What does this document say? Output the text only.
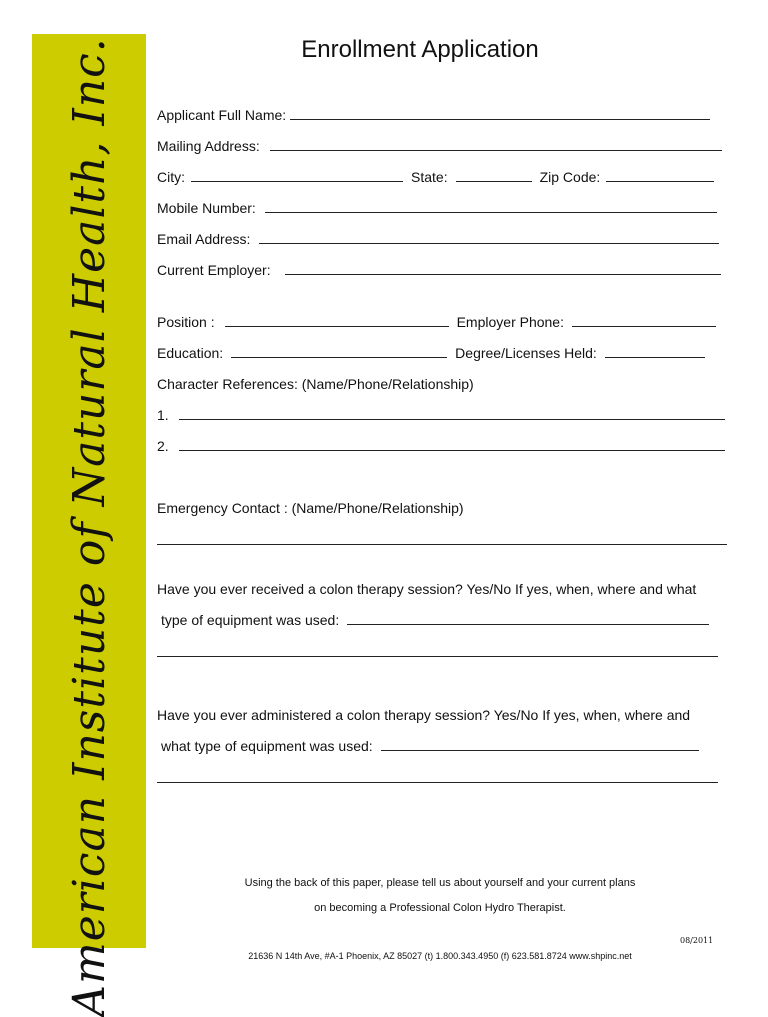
American Institute of Natural Health, Inc.	Enrollment Application
Applicant Full Name:
Mailing Address:
City:	State:	Zip Code:
Mobile Number:
Email Address:
Current Employer:
Position :	Employer Phone:
Education:	Degree/Licenses Held:
Character References: (Name/Phone/Relationship)
1.
2.
Emergency Contact : (Name/Phone/Relationship)
Have you ever received a colon therapy session? Yes/No If yes, when, where and what
type of equipment was used:
Have you ever administered a colon therapy session? Yes/No If yes, when, where and
what type of equipment was used:
Using the back of this paper, please tell us about yourself and your current plans
on becoming a Professional Colon Hydro Therapist.
08/2011
21636 N 14th Ave, #A-1 Phoenix, AZ 85027 (t) 1.800.343.4950 (f) 623.581.8724 www.shpinc.net
